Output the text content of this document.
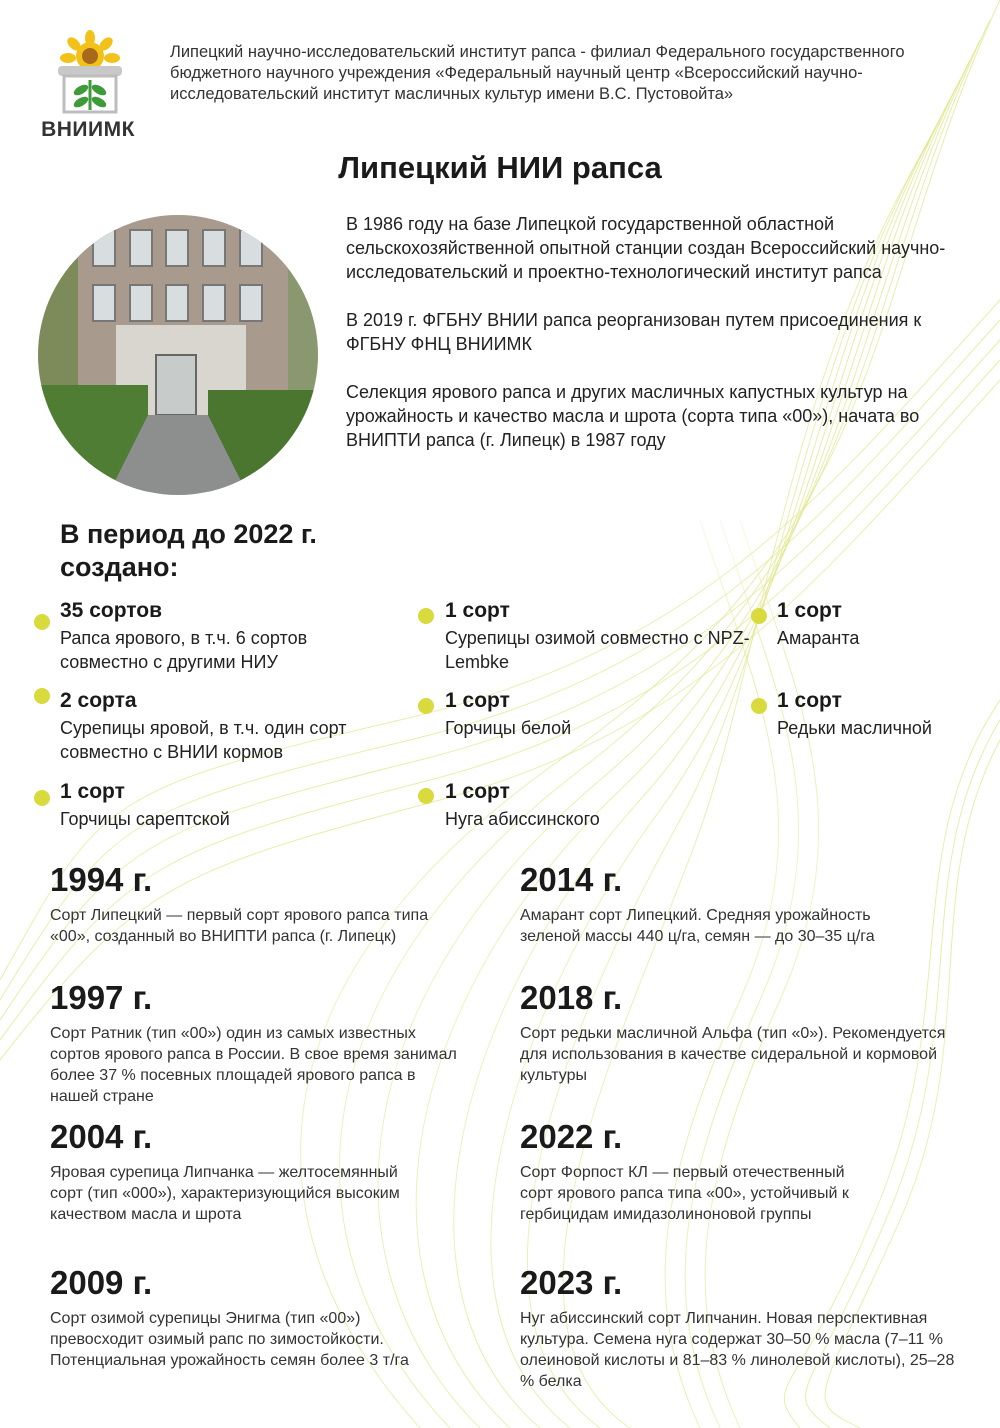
ВНИИМК
Липецкий научно-исследовательский институт рапса - филиал Федерального государственного бюджетного научного учреждения «Федеральный научный центр «Всероссийский научно-исследовательский институт масличных культур имени В.С. Пустовойта»
Липецкий НИИ рапса

В 1986 году на базе Липецкой государственной областной сельскохозяйственной опытной станции создан Всероссийский научно-исследовательский и проектно-технологический институт рапса

В 2019 г. ФГБНУ ВНИИ рапса реорганизован путем присоединения к ФГБНУ ФНЦ ВНИИМК

Селекция ярового рапса и других масличных капустных культур на урожайность и качество масла и шрота (сорта типа «00»), начата во ВНИПТИ рапса (г. Липецк) в 1987 году

В период до 2022 г. создано:
35 сортов
Рапса ярового, в т.ч. 6 сортов совместно с другими НИУ
1 сорт
Сурепицы озимой совместно с NPZ-Lembke
1 сорт
Амаранта
2 сорта
Сурепицы яровой, в т.ч. один сорт совместно с ВНИИ кормов
1 сорт
Горчицы белой
1 сорт
Редьки масличной
1 сорт
Горчицы сарептской
1 сорт
Нуга абиссинского
1994 г.
Сорт Липецкий — первый сорт ярового рапса типа «00», созданный во ВНИПТИ рапса (г. Липецк)
2014 г.
Амарант сорт Липецкий. Средняя урожайность зеленой массы 440 ц/га, семян — до 30–35 ц/га
1997 г.
Сорт Ратник (тип «00») один из самых известных сортов ярового рапса в России. В свое время занимал более 37 % посевных площадей ярового рапса в нашей стране
2018 г.
Сорт редьки масличной Альфа (тип «0»). Рекомендуется для использования в качестве сидеральной и кормовой культуры
2004 г.
Яровая сурепица Липчанка — желтосемянный сорт (тип «000»), характеризующийся высоким качеством масла и шрота
2022 г.
Сорт Форпост КЛ — первый отечественный сорт ярового рапса типа «00», устойчивый к гербицидам имидазолиноновой группы
2009 г.
Сорт озимой сурепицы Энигма (тип «00») превосходит озимый рапс по зимостойкости. Потенциальная урожайность семян более 3 т/га
2023 г.
Нуг абиссинский сорт Липчанин. Новая перспективная культура. Семена нуга содержат 30–50 % масла (7–11 % олеиновой кислоты и 81–83 % линолевой кислоты), 25–28 % белка
